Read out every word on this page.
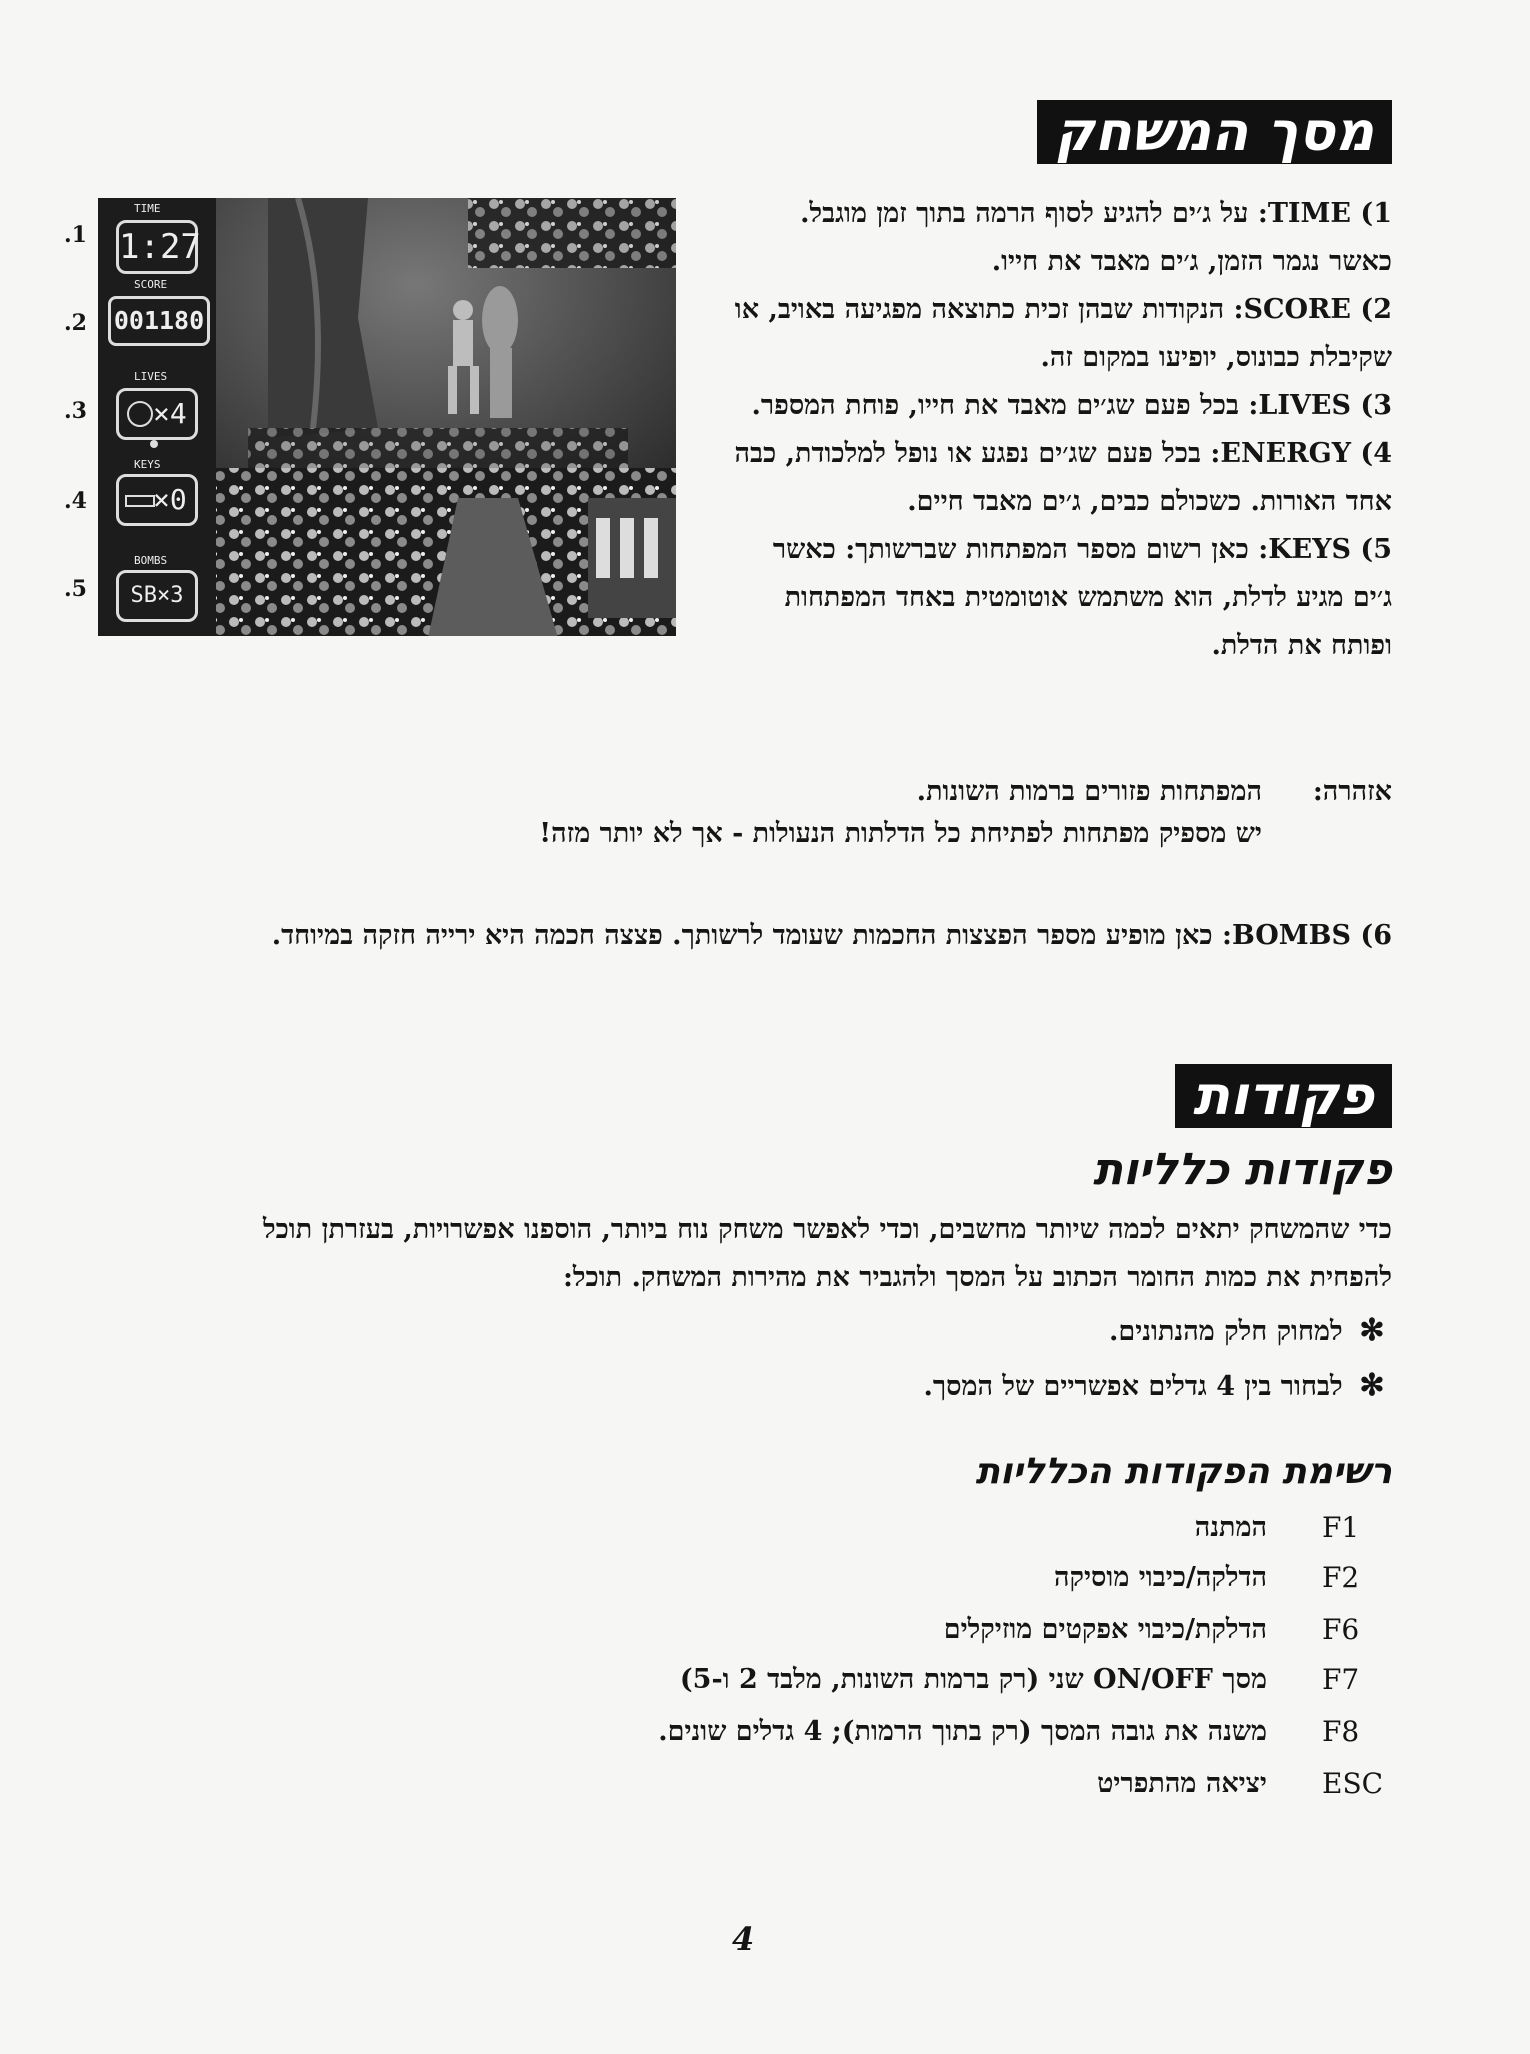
מסך המשחק
TIME
1:27
SCORE
001180
LIVES
×4
KEYS
×0
BOMBS
SB×3
.1
.2
.3
.4
.5
1) TIME: על ג׳ים להגיע לסוף הרמה בתוך זמן מוגבל. כאשר נגמר הזמן, ג׳ים מאבד את חייו.
2) SCORE: הנקודות שבהן זכית כתוצאה מפגיעה באויב, או שקיבלת כבונוס, יופיעו במקום זה.
3) LIVES: בכל פעם שג׳ים מאבד את חייו, פוחת המספר.
4) ENERGY: בכל פעם שג׳ים נפגע או נופל למלכודת, כבה אחד האורות. כשכולם כבים, ג׳ים מאבד חיים.
5) KEYS: כאן רשום מספר המפתחות שברשותך: כאשר ג׳ים מגיע לדלת, הוא משתמש אוטומטית באחד המפתחות ופותח את הדלת.
אזהרה:
המפתחות פזורים ברמות השונות.
יש מספיק מפתחות לפתיחת כל הדלתות הנעולות - אך לא יותר מזה!
6) BOMBS: כאן מופיע מספר הפצצות החכמות שעומד לרשותך. פצצה חכמה היא ירייה חזקה במיוחד.
פקודות
פקודות כלליות
כדי שהמשחק יתאים לכמה שיותר מחשבים, וכדי לאפשר משחק נוח ביותר, הוספנו אפשרויות, בעזרתן תוכל
להפחית את כמות החומר הכתוב על המסך ולהגביר את מהירות המשחק. תוכל:
✻ למחוק חלק מהנתונים.
✻ לבחור בין 4 גדלים אפשריים של המסך.
רשימת הפקודות הכלליות
F1
המתנה
F2
הדלקה/כיבוי מוסיקה
F6
הדלקת/כיבוי אפקטים מוזיקלים
F7
מסך ON/OFF שני (רק ברמות השונות, מלבד 2 ו-5)
F8
משנה את גובה המסך (רק בתוך הרמות); 4 גדלים שונים.
ESC
יציאה מהתפריט
4
